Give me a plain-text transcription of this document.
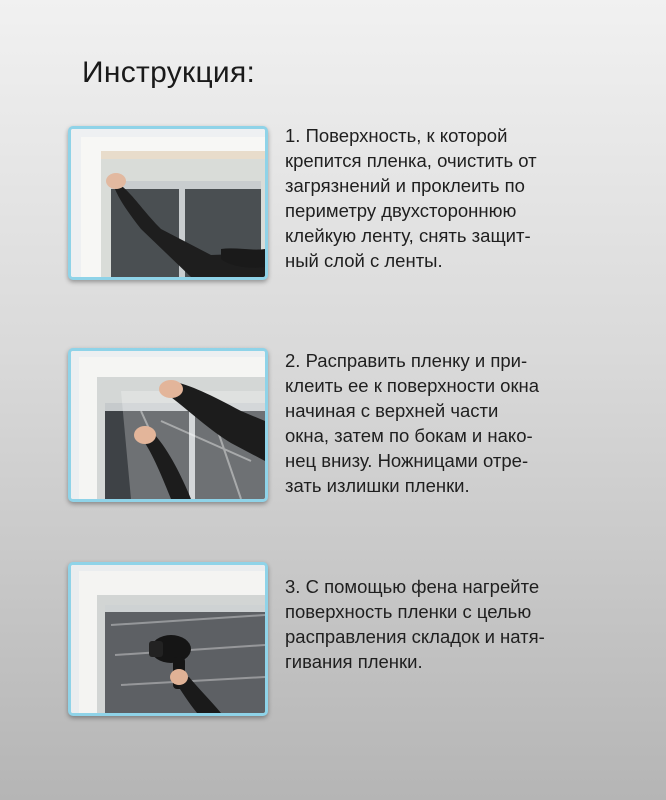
Инструкция:
1. Поверхность, к которой
крепится пленка, очистить от
загрязнений и проклеить по
периметру двухстороннюю
клейкую ленту, снять защит-
ный слой с ленты.
2. Расправить пленку и при-
клеить ее к поверхности окна
начиная с верхней части
окна, затем по бокам и нако-
нец внизу. Ножницами отре-
зать излишки пленки.
3. С помощью фена нагрейте
поверхность пленки с целью
расправления складок и натя-
гивания пленки.
